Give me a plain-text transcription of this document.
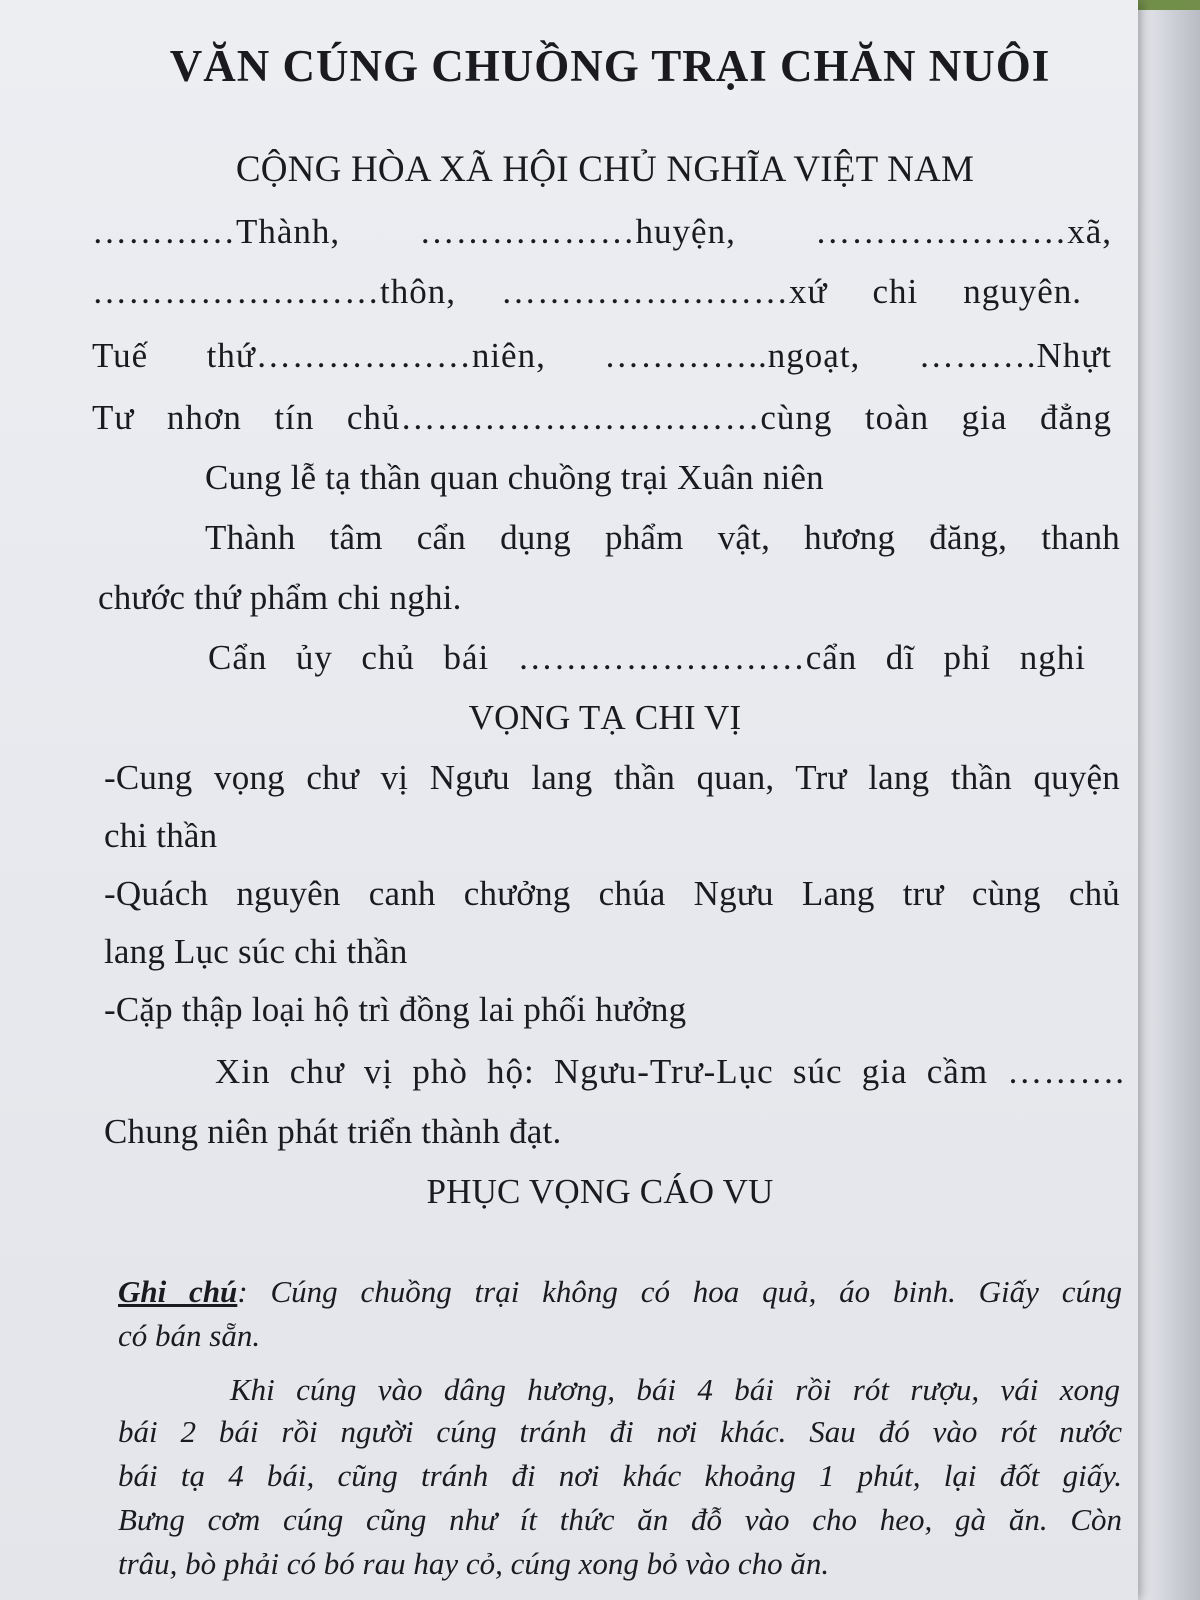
VĂN CÚNG CHUỒNG TRẠI CHĂN NUÔI

CỘNG HÒA XÃ HỘI CHỦ NGHĨA VIỆT NAM

…………Thành, ………………huyện, …………………xã,

……………………thôn, ……………………xứ chi nguyên.

Tuế thứ………………niên, …………..ngoạt, ……….Nhựt

Tư nhơn tín chủ…………………………cùng toàn gia đẳng

Cung lễ tạ thần quan chuồng trại Xuân niên

Thành tâm cẩn dụng phẩm vật, hương đăng, thanh

chước thứ phẩm chi nghi.

Cẩn ủy chủ bái ……………………cẩn dĩ phỉ nghi

VỌNG TẠ CHI VỊ

-Cung vọng chư vị Ngưu lang thần quan, Trư lang thần quyện

chi thần

-Quách nguyên canh chưởng chúa Ngưu Lang trư cùng chủ

lang Lục súc chi thần

-Cặp thập loại hộ trì đồng lai phối hưởng

Xin chư vị phò hộ: Ngưu-Trư-Lục súc gia cầm ……….

Chung niên phát triển thành đạt.

PHỤC VỌNG CÁO VU

Ghi chú: Cúng chuồng trại không có hoa quả, áo binh. Giấy cúng

có bán sẵn.

Khi cúng vào dâng hương, bái 4 bái rồi rót rượu, vái xong

bái 2 bái rồi người cúng tránh đi nơi khác. Sau đó vào rót nước

bái tạ 4 bái, cũng tránh đi nơi khác khoảng 1 phút, lại đốt giấy.

Bưng cơm cúng cũng như ít thức ăn đỗ vào cho heo, gà ăn. Còn

trâu, bò phải có bó rau hay cỏ, cúng xong bỏ vào cho ăn.
